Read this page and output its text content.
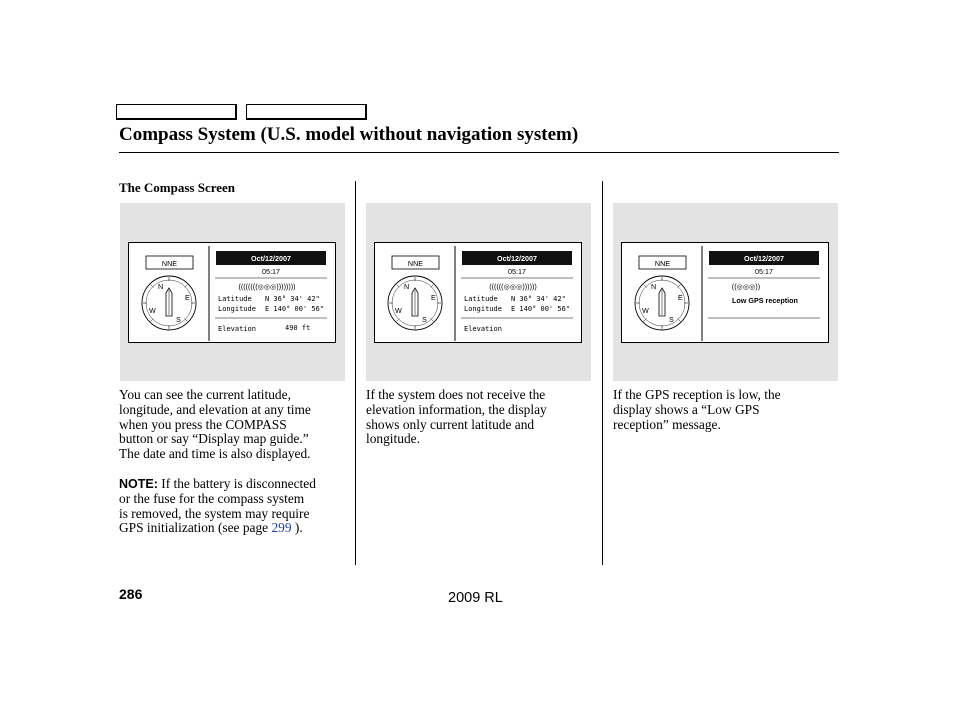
Compass System (U.S. model without navigation system)
The Compass Screen
NNE
N
E
S
W
Oct/12/2007
05:17
((((((((◎◎◎))))))))
Latitude N 36° 34' 42"
Longitude E 140° 00' 56"
Elevation	490 ft
NNE
N
E
S
W
Oct/12/2007
05:17
((((((◎◎◎))))))
Latitude N 36° 34' 42"
Longitude E 140° 00' 56"
Elevation
NNE
N
E
S
W
Oct/12/2007
05:17
((◎◎◎))
Low GPS reception
You can see the current latitude,
longitude, and elevation at any time
when you press the COMPASS
button or say “Display map guide.”
The date and time is also displayed.
NOTE: If the battery is disconnected
or the fuse for the compass system
is removed, the system may require
GPS initialization (see page 299 ).
If the system does not receive the
elevation information, the display
shows only current latitude and
longitude.
If the GPS reception is low, the
display shows a “Low GPS
reception” message.
286	2009 RL
